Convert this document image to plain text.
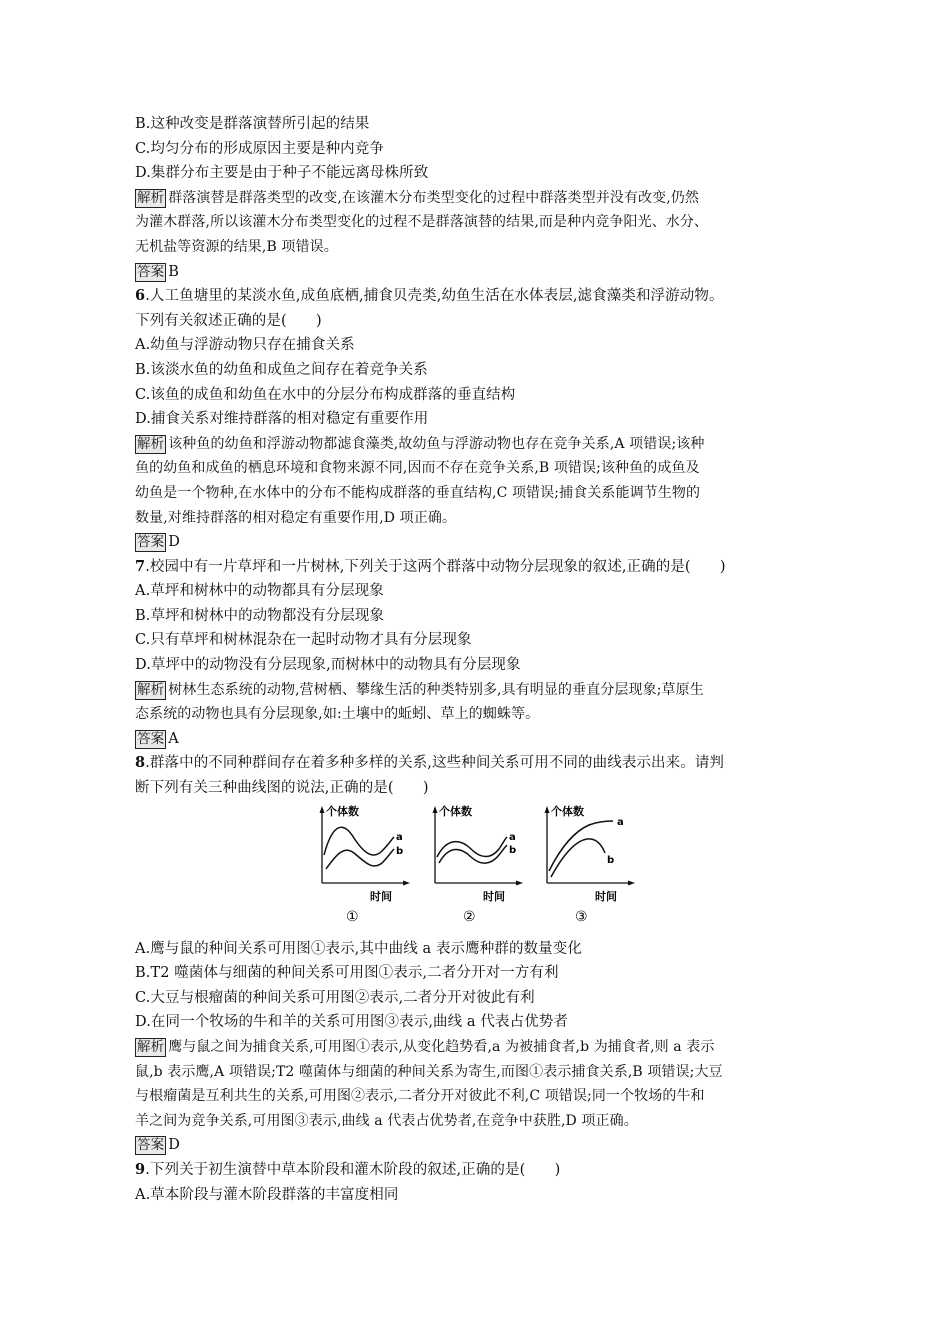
B.这种改变是群落演替所引起的结果
C.均匀分布的形成原因主要是种内竞争
D.集群分布主要是由于种子不能远离母株所致
解析 群落演替是群落类型的改变,在该灌木分布类型变化的过程中群落类型并没有改变,仍然
为灌木群落,所以该灌木分布类型变化的过程不是群落演替的结果,而是种内竞争阳光、水分、
无机盐等资源的结果,B 项错误。
答案 B
6.人工鱼塘里的某淡水鱼,成鱼底栖,捕食贝壳类,幼鱼生活在水体表层,滤食藻类和浮游动物。
下列有关叙述正确的是(　　)
A.幼鱼与浮游动物只存在捕食关系
B.该淡水鱼的幼鱼和成鱼之间存在着竞争关系
C.该鱼的成鱼和幼鱼在水中的分层分布构成群落的垂直结构
D.捕食关系对维持群落的相对稳定有重要作用
解析 该种鱼的幼鱼和浮游动物都滤食藻类,故幼鱼与浮游动物也存在竞争关系,A 项错误;该种
鱼的幼鱼和成鱼的栖息环境和食物来源不同,因而不存在竞争关系,B 项错误;该种鱼的成鱼及
幼鱼是一个物种,在水体中的分布不能构成群落的垂直结构,C 项错误;捕食关系能调节生物的
数量,对维持群落的相对稳定有重要作用,D 项正确。
答案 D
7.校园中有一片草坪和一片树林,下列关于这两个群落中动物分层现象的叙述,正确的是(　　)
A.草坪和树林中的动物都具有分层现象
B.草坪和树林中的动物都没有分层现象
C.只有草坪和树林混杂在一起时动物才具有分层现象
D.草坪中的动物没有分层现象,而树林中的动物具有分层现象
解析 树林生态系统的动物,营树栖、攀缘生活的种类特别多,具有明显的垂直分层现象;草原生
态系统的动物也具有分层现象,如:土壤中的蚯蚓、草上的蜘蛛等。
答案 A
8.群落中的不同种群间存在着多种多样的关系,这些种间关系可用不同的曲线表示出来。请判
断下列有关三种曲线图的说法,正确的是(　　)
个体数
时间
a
b
①
个体数
时间
a
b
②
个体数
时间
a
b
③
A.鹰与鼠的种间关系可用图①表示,其中曲线 a 表示鹰种群的数量变化
B.T2 噬菌体与细菌的种间关系可用图①表示,二者分开对一方有利
C.大豆与根瘤菌的种间关系可用图②表示,二者分开对彼此有利
D.在同一个牧场的牛和羊的关系可用图③表示,曲线 a 代表占优势者
解析 鹰与鼠之间为捕食关系,可用图①表示,从变化趋势看,a 为被捕食者,b 为捕食者,则 a 表示
鼠,b 表示鹰,A 项错误;T2 噬菌体与细菌的种间关系为寄生,而图①表示捕食关系,B 项错误;大豆
与根瘤菌是互利共生的关系,可用图②表示,二者分开对彼此不利,C 项错误;同一个牧场的牛和
羊之间为竞争关系,可用图③表示,曲线 a 代表占优势者,在竞争中获胜,D 项正确。
答案 D
9.下列关于初生演替中草本阶段和灌木阶段的叙述,正确的是(　　)
A.草本阶段与灌木阶段群落的丰富度相同
